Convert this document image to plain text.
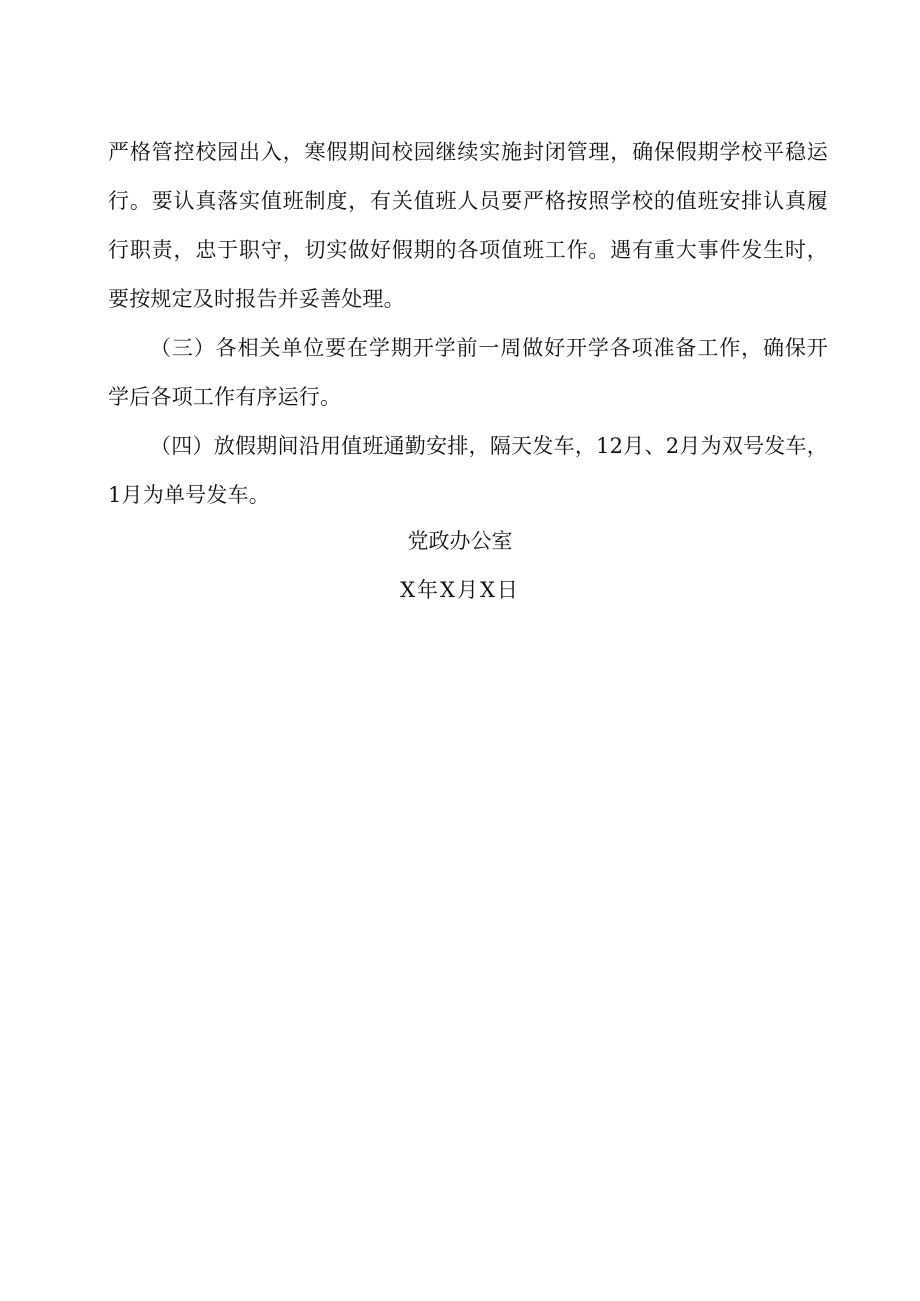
严格管控校园出入，寒假期间校园继续实施封闭管理，确保假期学校平稳运行。要认真落实值班制度，有关值班人员要严格按照学校的值班安排认真履行职责，忠于职守，切实做好假期的各项值班工作。遇有重大事件发生时，要按规定及时报告并妥善处理。

（三）各相关单位要在学期开学前一周做好开学各项准备工作，确保开学后各项工作有序运行。

（四）放假期间沿用值班通勤安排，隔天发车，12月、2月为双号发车，1月为单号发车。

党政办公室
X年X月X日
